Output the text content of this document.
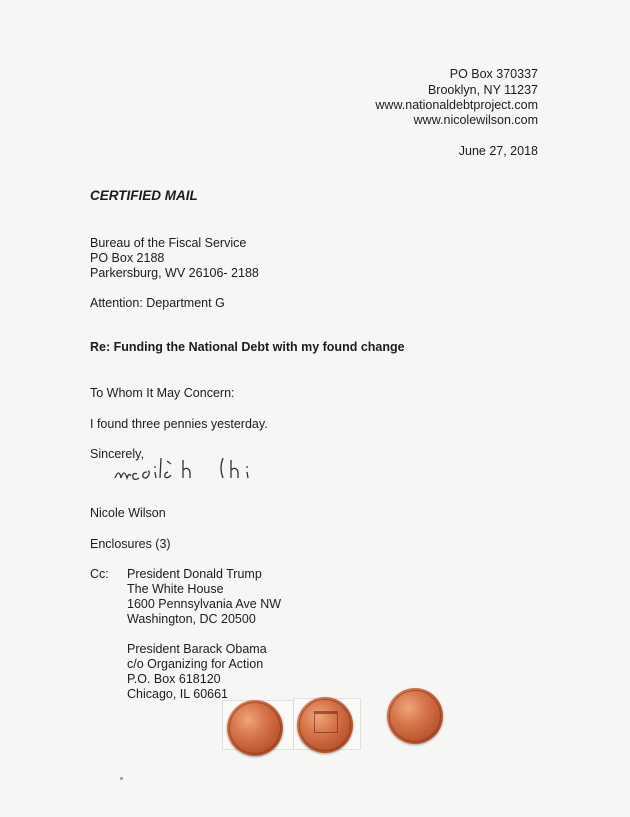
PO Box 370337
Brooklyn, NY 11237
www.nationaldebtproject.com
www.nicolewilson.com
June 27, 2018
CERTIFIED MAIL
Bureau of the Fiscal Service
PO Box 2188
Parkersburg, WV 26106- 2188
Attention: Department G
Re: Funding the National Debt with my found change
To Whom It May Concern:
I found three pennies yesterday.
Sincerely,
Nicole Wilson
Enclosures (3)
Cc: President Donald Trump
The White House
1600 Pennsylvania Ave NW
Washington, DC 20500
President Barack Obama
c/o Organizing for Action
P.O. Box 618120
Chicago, IL 60661
